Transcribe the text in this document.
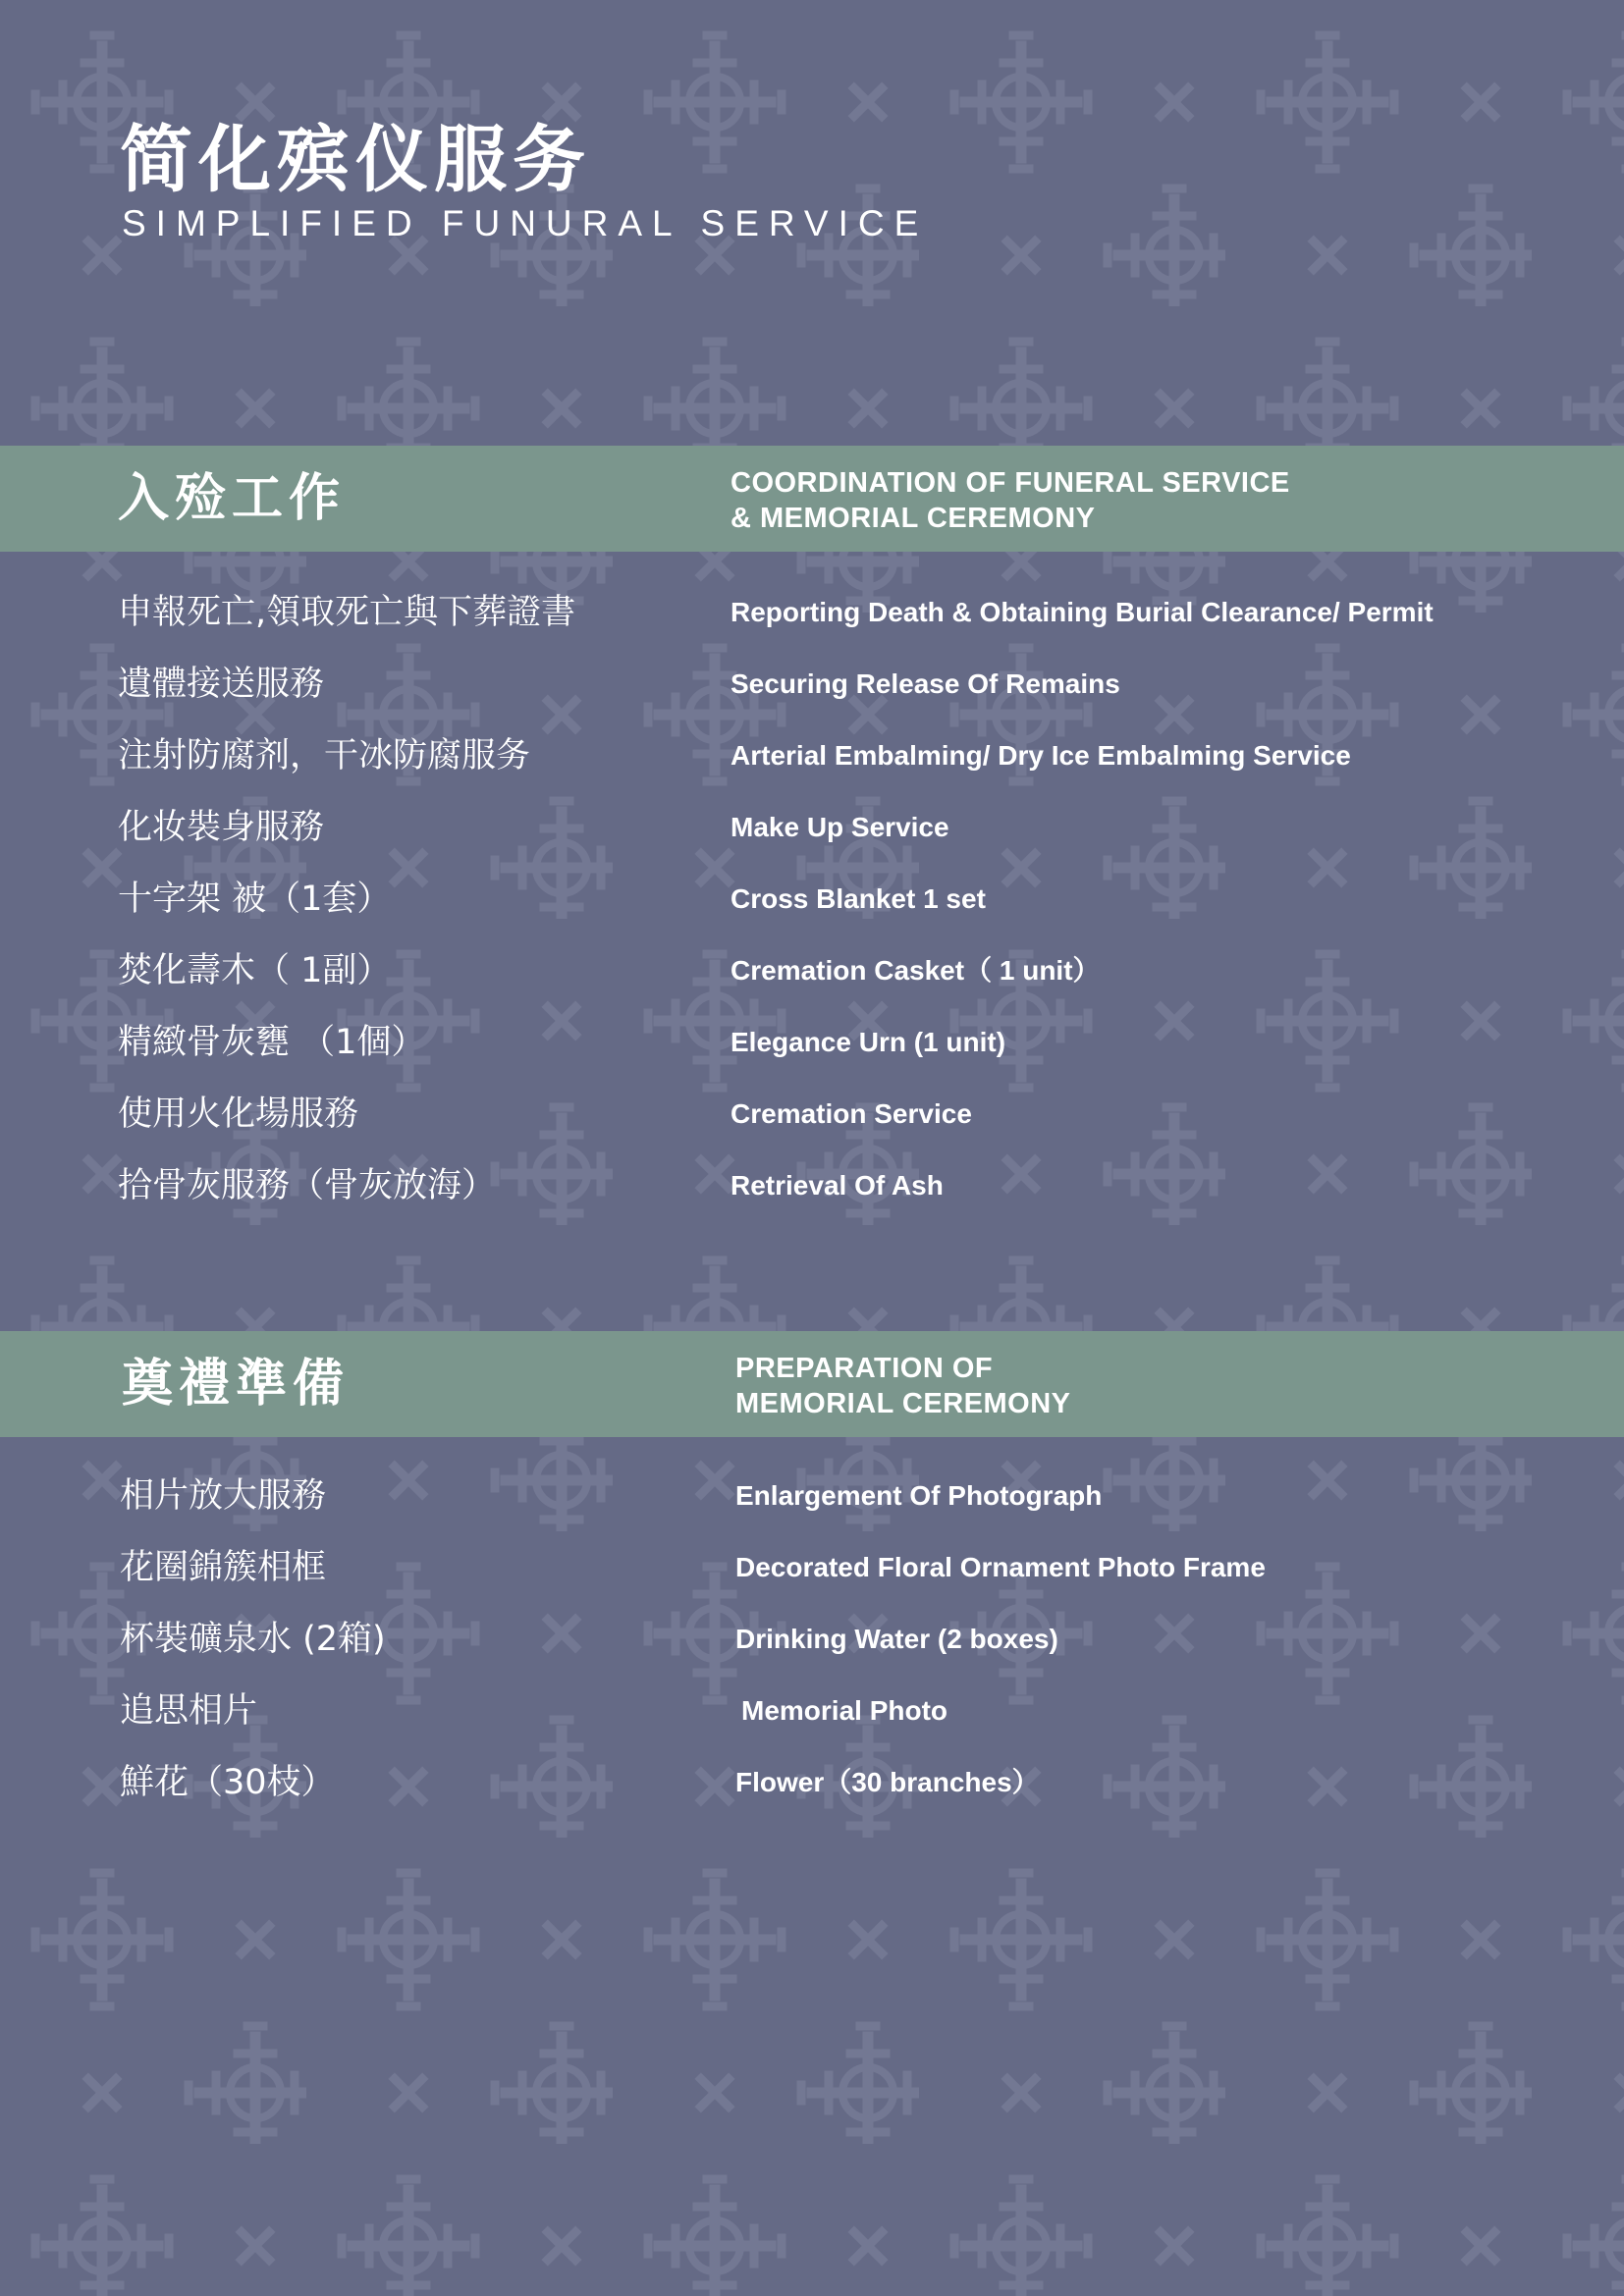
简化殡仪服务
SIMPLIFIED FUNURAL SERVICE
入殓工作	COORDINATION OF FUNERAL SERVICE
& MEMORIAL CEREMONY
申報死亡,領取死亡與下葬證書	Reporting Death & Obtaining Burial Clearance/ Permit
遺體接送服務	Securing Release Of Remains
注射防腐剂，干冰防腐服务	Arterial Embalming/ Dry Ice Embalming Service
化妆裝身服務	Make Up Service
十字架 被（1套）	Cross Blanket 1 set
焚化壽木（ 1副）	Cremation Casket（ 1 unit）
精緻骨灰甕 （1個）	Elegance Urn (1 unit)
使用火化場服務	Cremation Service
拾骨灰服務（骨灰放海）	Retrieval Of Ash
奠禮準備	PREPARATION OF
MEMORIAL CEREMONY
相片放大服務	Enlargement Of Photograph
花圈錦簇相框	Decorated Floral Ornament Photo Frame
杯裝礦泉水 (2箱)	Drinking Water (2 boxes)
追思相片	Memorial Photo
鮮花（30枝）	Flower（30 branches）
